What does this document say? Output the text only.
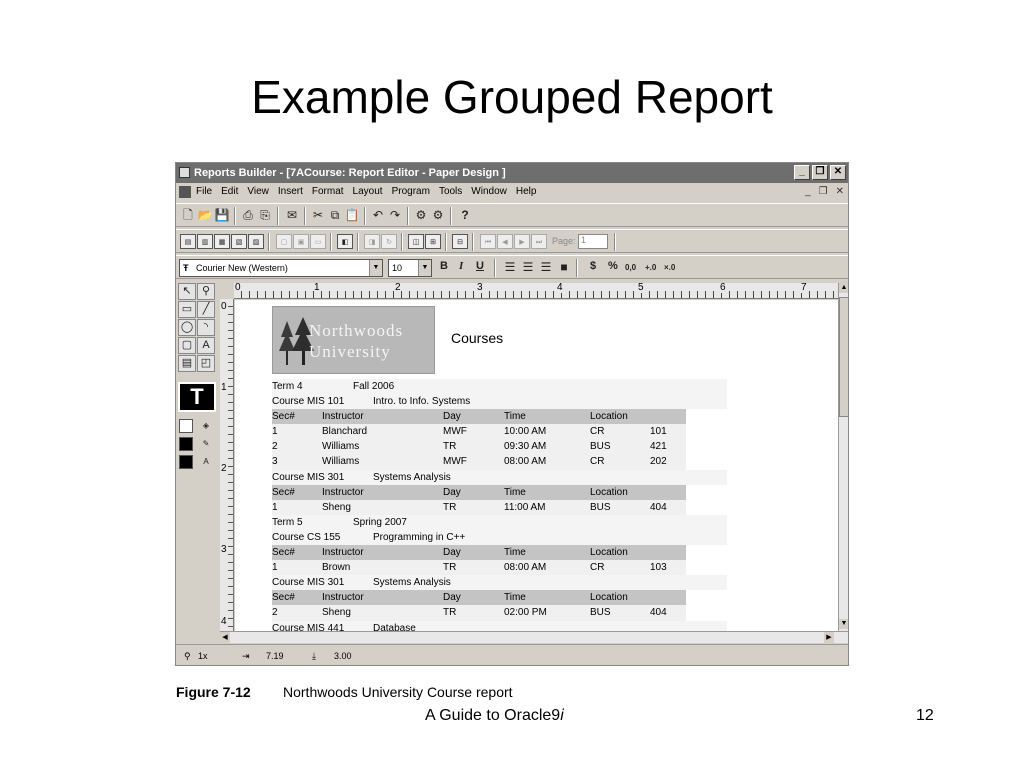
Example Grouped Report
Reports Builder - [7ACourse: Report Editor - Paper Design ]	_	❐ ✕
File Edit View Insert Format Layout Program Tools Window Help	_ ❐ ✕
🗋 📂 💾 ⎙ ⎘ ✉ ✂ ⧉ 📋 ↶ ↷ ⚙ ⚙	?
▤	▥	▦	▧	▨	▢	▣	▭	◧	◨	↻	◫	⊞	⊟	⏮	◀	▶	⏭	Page: 1
Ŧ Courier New (Western)	▼	10	▼ B I U ☰ ☰ ☰ ■	$ % 0,0 +.0 ×.0
↖ ⚲
▭ ╱
◯ ◝
▢ A
▤ ◰
T
◈
✎
A
0	1	2	3	4	5	6	7
0
1
2
3
4
Northwoods
University
Courses
Term 4	Fall 2006
Course MIS 101	Intro. to Info. Systems
Sec#	Instructor	Day	Time	Location
1	Blanchard	MWF	10:00 AM	CR	101
2	Williams	TR	09:30 AM	BUS	421
3	Williams	MWF	08:00 AM	CR	202
Course MIS 301	Systems Analysis
Sec#	Instructor	Day	Time	Location
1	Sheng	TR	11:00 AM	BUS	404
Term 5	Spring 2007
Course CS 155	Programming in C++
Sec#	Instructor	Day	Time	Location
1	Brown	TR	08:00 AM	CR	103
Course MIS 301	Systems Analysis
Sec#	Instructor	Day	Time	Location
2	Sheng	TR	02:00 PM	BUS	404
Course MIS 441	Database
▲
▼
◀	▶
⚲ 1x	⇥ 7.19	⤓ 3.00
Figure 7-12 Northwoods University Course report
A Guide to Oracle9i	12
